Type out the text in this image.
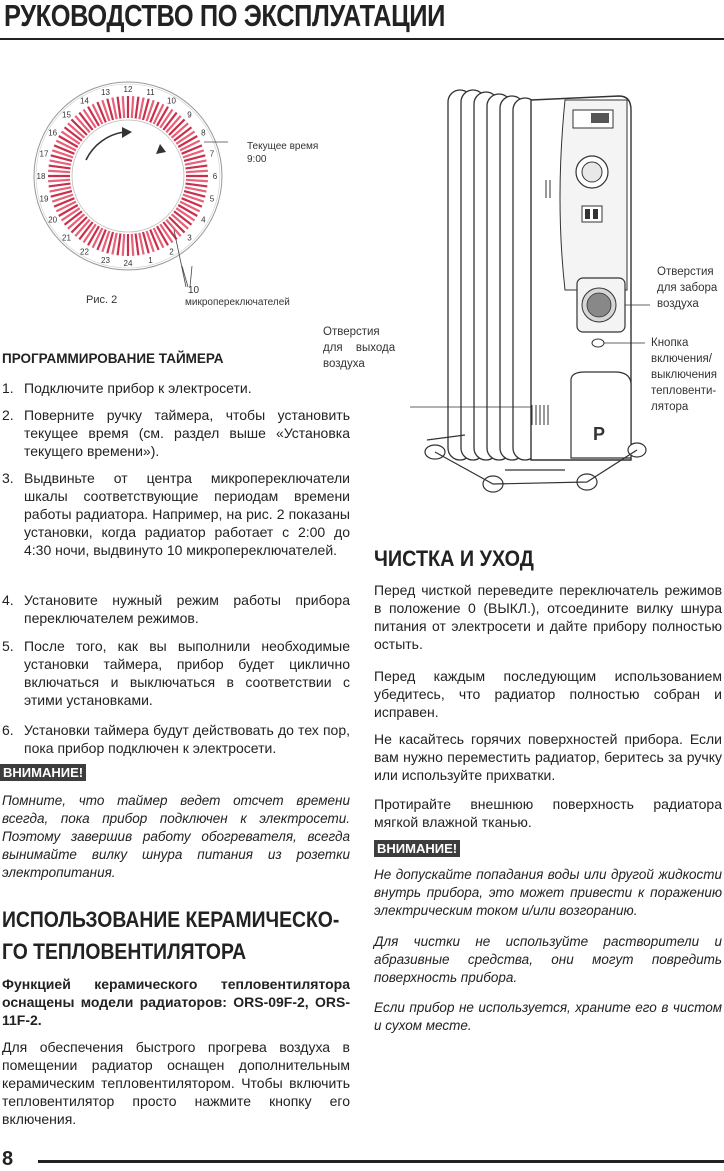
РУКОВОДСТВО ПО ЭКСПЛУАТАЦИИ
1
2
3
4
5
6
7
8
9
10
11
12
13
14
15
16
17
18
19
20
21
22
23 24
Текущее время
9:00
10
микропереключателей
Рис. 2
P
Отверстия
для выхода
воздуха
Отверстия
для забора
воздуха
Кнопка
включения/
выключения
тепловенти-
лятора
ПРОГРАММИРОВАНИЕ ТАЙМЕРА
1. Подключите прибор к электросети.
2. Поверните ручку таймера, чтобы установить текущее время (см. раздел выше «Установка текущего времени»).
3. Выдвиньте от центра микропереключатели шкалы соответствующие периодам времени работы радиатора. Например, на рис. 2 показаны установки, когда радиатор работает с 2:00 до 4:30 ночи, выдвинуто 10 микропереключателей.
4. Установите нужный режим работы прибора переключателем режимов.
5. После того, как вы выполнили необходимые установки таймера, прибор будет циклично включаться и выключаться в соответствии с этими установками.
6. Установки таймера будут действовать до тех пор, пока прибор подключен к электросети.
ВНИМАНИЕ!
Помните, что таймер ведет отсчет времени всегда, пока прибор подключен к электросети. Поэтому завершив работу обогревателя, всегда вынимайте вилку шнура питания из розетки электропитания.
ИСПОЛЬЗОВАНИЕ КЕРАМИЧЕСКО-
ГО ТЕПЛОВЕНТИЛЯТОРА
Функцией керамического тепловентилятора оснащены модели радиаторов: ORS-09F-2, ORS-11F-2.
Для обеспечения быстрого прогрева воздуха в помещении радиатор оснащен дополнительным керамическим тепловентилятором. Чтобы включить тепловентилятор просто нажмите кнопку его включения.
ЧИСТКА И УХОД
Перед чисткой переведите переключатель режимов в положение 0 (ВЫКЛ.), отсоедините вилку шнура питания от электросети и дайте прибору полностью остыть.
Перед каждым последующим использованием убедитесь, что радиатор полностью собран и исправен.
Не касайтесь горячих поверхностей прибора. Если вам нужно переместить радиатор, беритесь за ручку или используйте прихватки.
Протирайте внешнюю поверхность радиатора мягкой влажной тканью.
ВНИМАНИЕ!
Не допускайте попадания воды или другой жидкости внутрь прибора, это может привести к поражению электрическим током и/или возгоранию.
Для чистки не используйте растворители и абразивные средства, они могут повредить поверхность прибора.
Если прибор не используется, храните его в чистом и сухом месте.
8
